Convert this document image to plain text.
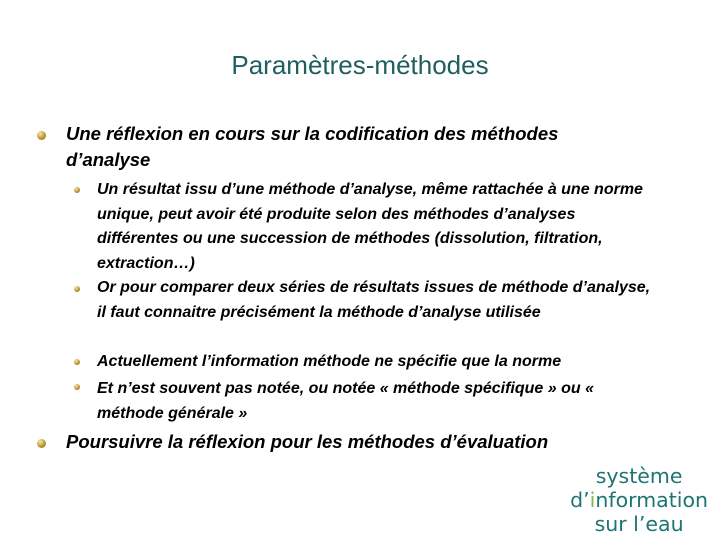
Paramètres-méthodes
Une réflexion en cours sur la codification des méthodes d’analyse
Un résultat issu d’une méthode d’analyse, même rattachée à une norme unique, peut avoir été produite selon des méthodes d’analyses différentes ou une succession de méthodes (dissolution, filtration, extraction…)
Or pour comparer deux séries de résultats issues de méthode d’analyse, il faut connaitre précisément la méthode d’analyse utilisée
Actuellement l’information méthode ne spécifie que la norme
Et n’est souvent pas notée, ou notée « méthode spécifique » ou « méthode générale »
Poursuivre la réflexion pour les méthodes d’évaluation
système
d’information
sur l’eau
